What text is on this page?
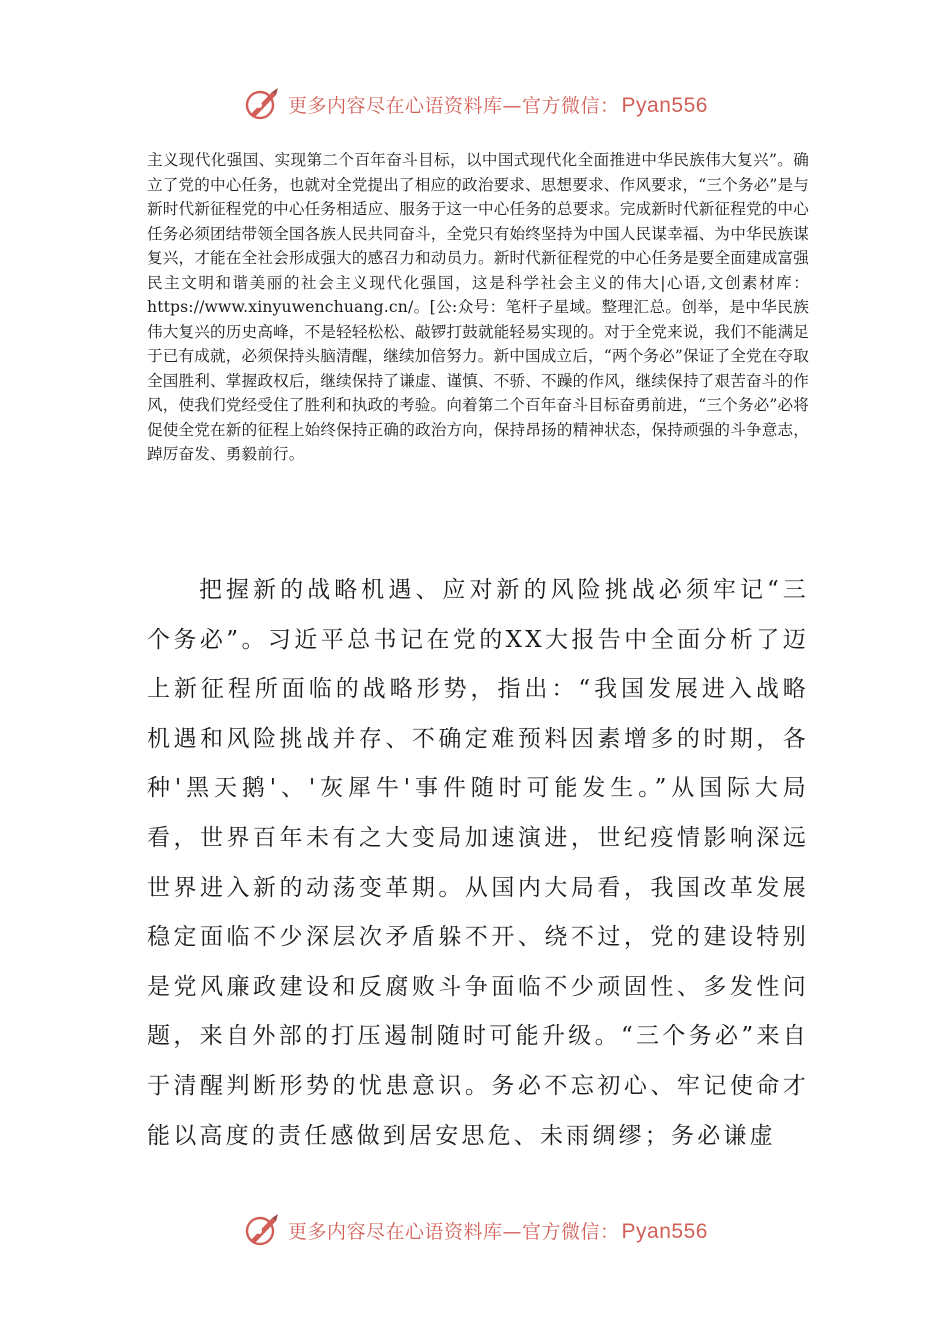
更多内容尽在心语资料库—官方微信：Pyan556
主义现代化强国、实现第二个百年奋斗目标，以中国式现代化全面推进中华民族伟大复兴”。确立了党的中心任务，也就对全党提出了相应的政治要求、思想要求、作风要求，“三个务必”是与新时代新征程党的中心任务相适应、服务于这一中心任务的总要求。完成新时代新征程党的中心任务必须团结带领全国各族人民共同奋斗，全党只有始终坚持为中国人民谋幸福、为中华民族谋复兴，才能在全社会形成强大的感召力和动员力。新时代新征程党的中心任务是要全面建成富强民主文明和谐美丽的社会主义现代化强国，这是科学社会主义的伟大|心语,文创素材库：https://www.xinyuwenchuang.cn/。[公:众号：笔杆子星域。整理汇总。创举，是中华民族伟大复兴的历史高峰，不是轻轻松松、敲锣打鼓就能轻易实现的。对于全党来说，我们不能满足于已有成就，必须保持头脑清醒，继续加倍努力。新中国成立后，“两个务必”保证了全党在夺取全国胜利、掌握政权后，继续保持了谦虚、谨慎、不骄、不躁的作风，继续保持了艰苦奋斗的作风，使我们党经受住了胜利和执政的考验。向着第二个百年奋斗目标奋勇前进，“三个务必”必将促使全党在新的征程上始终保持正确的政治方向，保持昂扬的精神状态，保持顽强的斗争意志，踔厉奋发、勇毅前行。
把握新的战略机遇、应对新的风险挑战必须牢记“三个务必”。习近平总书记在党的XX大报告中全面分析了迈上新征程所面临的战略形势，指出：“我国发展进入战略机遇和风险挑战并存、不确定难预料因素增多的时期，各种'黑天鹅'、'灰犀牛'事件随时可能发生。”从国际大局看，世界百年未有之大变局加速演进，世纪疫情影响深远世界进入新的动荡变革期。从国内大局看，我国改革发展稳定面临不少深层次矛盾躲不开、绕不过，党的建设特别是党风廉政建设和反腐败斗争面临不少顽固性、多发性问题，来自外部的打压遏制随时可能升级。“三个务必”来自于清醒判断形势的忧患意识。务必不忘初心、牢记使命才能以高度的责任感做到居安思危、未雨绸缪；务必谦虚
更多内容尽在心语资料库—官方微信：Pyan556
